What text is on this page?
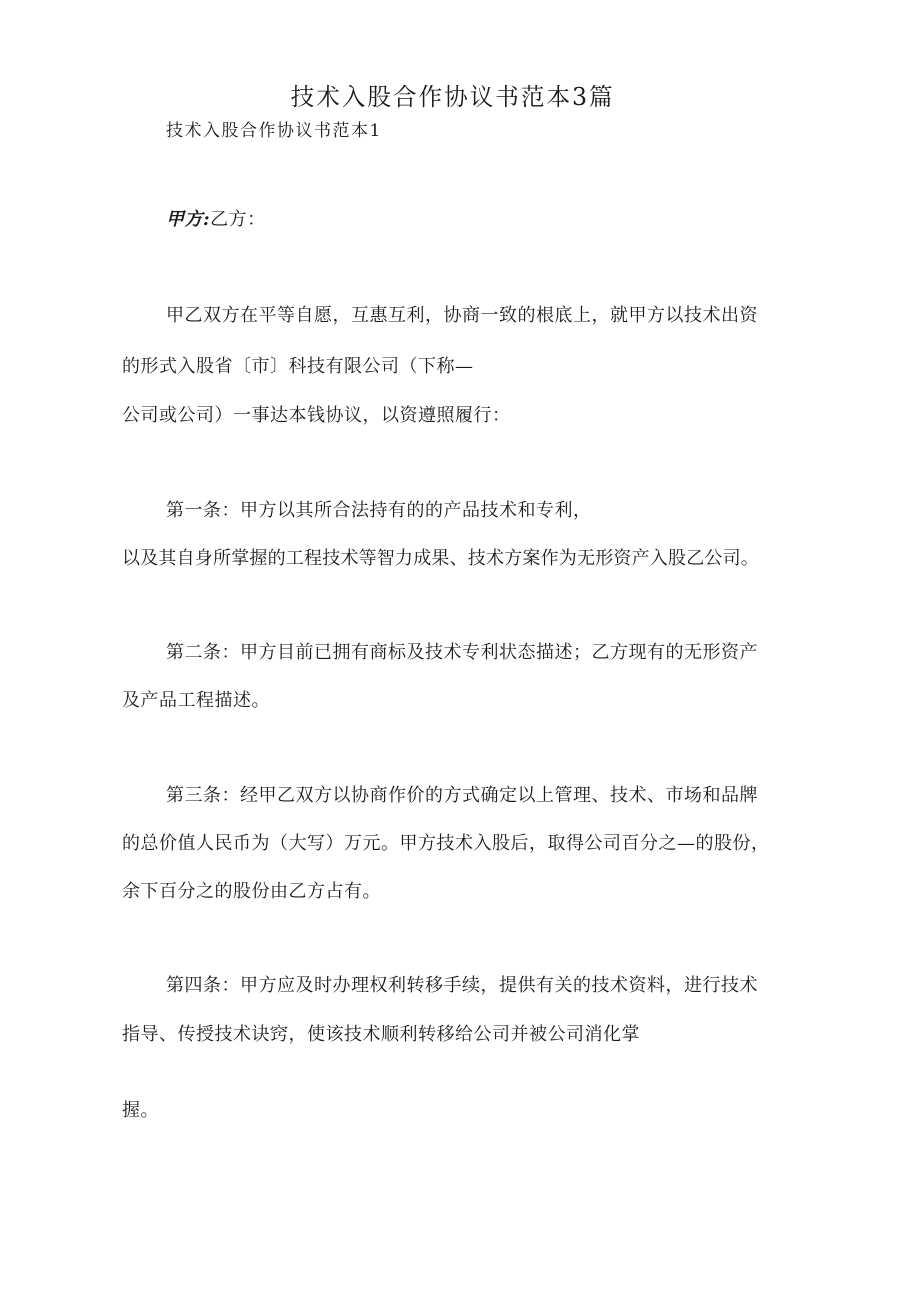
技术入股合作协议书范本3篇
技术入股合作协议书范本1
甲方:乙方：
甲乙双方在平等自愿，互惠互利，协商一致的根底上，就甲方以技术出资
的形式入股省〔市〕科技有限公司（下称—
公司或公司）一事达本钱协议，以资遵照履行：
第一条：甲方以其所合法持有的的产品技术和专利，
以及其自身所掌握的工程技术等智力成果、技术方案作为无形资产入股乙公司。
第二条：甲方目前已拥有商标及技术专利状态描述；乙方现有的无形资产
及产品工程描述。
第三条：经甲乙双方以协商作价的方式确定以上管理、技术、市场和品牌
的总价值人民币为（大写）万元。甲方技术入股后，取得公司百分之—的股份，
余下百分之的股份由乙方占有。
第四条：甲方应及时办理权利转移手续，提供有关的技术资料，进行技术
指导、传授技术诀窍，使该技术顺利转移给公司并被公司消化掌
握。
